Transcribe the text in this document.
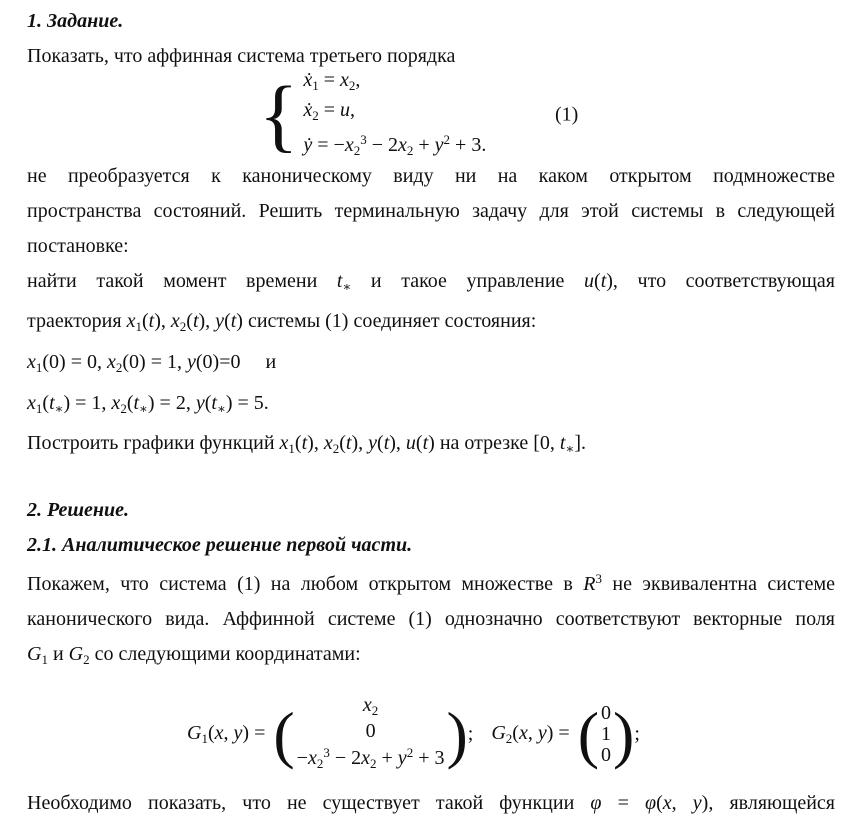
1. Задание.
Показать, что аффинная система третьего порядка
{ ẋ$_1$ = $x_2$,
ẋ$_2$ = u,
ẏ = $-x_2^3 - 2x_2 + y^2 + 3$.
(1)
не преобразуется к каноническому виду ни на каком открытом подмножестве
пространства состояний. Решить терминальную задачу для этой системы в следующей
постановке:
найти такой момент времени $t_∗$ и такое управление u(t), что соответствующая
траектория $x_1(t)$, $x_2(t)$, y(t) системы (1) соединяет состояния:
$x_1(0) = 0$, $x_2(0) = 1$, y(0)=0  и
$x_1(t_∗) = 1$, $x_2(t_∗) = 2$, $y(t_∗) = 5$.
Построить графики функций $x_1(t)$, $x_2(t)$, y(t), u(t) на отрезке [0, $t_∗$].
2. Решение.
2.1. Аналитическое решение первой части.
Покажем, что система (1) на любом открытом множестве в $R^3$ не эквивалентна системе
канонического вида. Аффинной системе (1) однозначно соответствуют векторные поля
$G_1$ и $G_2$ со следующими координатами:
$G_1(x$, y) = (	$x_2$
0
$-x_2^3 - 2x_2 + y^2 + 3$ ) ; $G_2(x$, y) = ( 0
1
0 ) ;
Необходимо показать, что не существует такой функции φ = φ(x, y), являющейся
